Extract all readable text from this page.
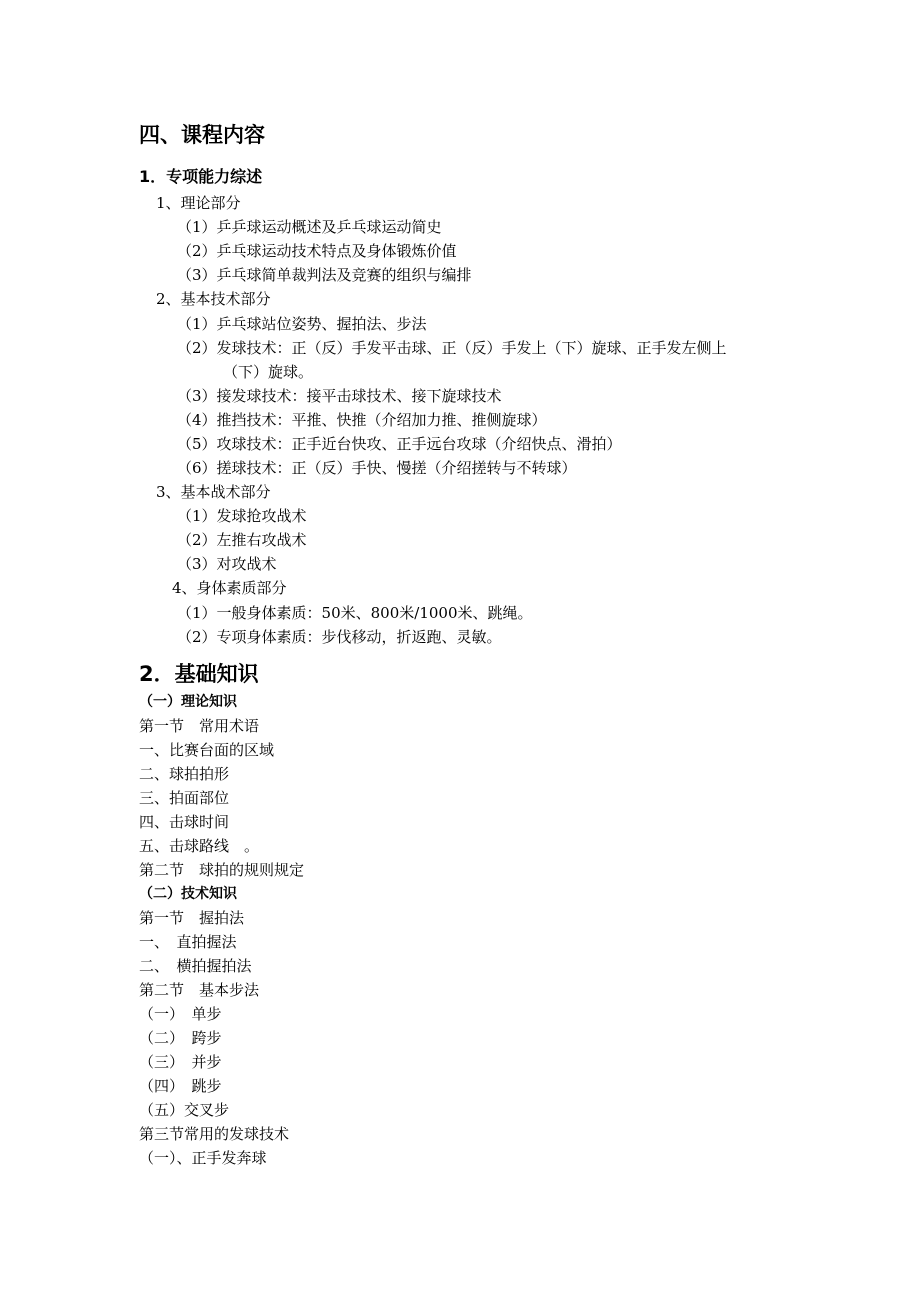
四、课程内容
1．专项能力综述
1、理论部分
（1）乒乒球运动概述及乒乓球运动简史
（2）乒乓球运动技术特点及身体锻炼价值
（3）乒乓球简单裁判法及竞赛的组织与编排
2、基本技术部分
（1）乒乓球站位姿势、握拍法、步法
（2）发球技术：正（反）手发平击球、正（反）手发上（下）旋球、正手发左侧上
（下）旋球。
（3）接发球技术：接平击球技术、接下旋球技术
（4）推挡技术：平推、快推（介绍加力推、推侧旋球）
（5）攻球技术：正手近台快攻、正手远台攻球（介绍快点、滑拍）
（6）搓球技术：正（反）手快、慢搓（介绍搓转与不转球）
3、基本战术部分
（1）发球抢攻战术
（2）左推右攻战术
（3）对攻战术
4、身体素质部分
（1）一般身体素质：50米、800米/1000米、跳绳。
（2）专项身体素质：步伐移动，折返跑、灵敏。
2．基础知识
（一）理论知识
第一节　常用术语
一、比赛台面的区域
二、球拍拍形
三、拍面部位
四、击球时间
五、击球路线　。
第二节　球拍的规则规定
（二）技术知识
第一节　握拍法
一、　直拍握法
二、　横拍握拍法
第二节　基本步法
（一）　单步
（二）　跨步
（三）　并步
（四）　跳步
（五）交叉步
第三节常用的发球技术
（一）、正手发奔球
